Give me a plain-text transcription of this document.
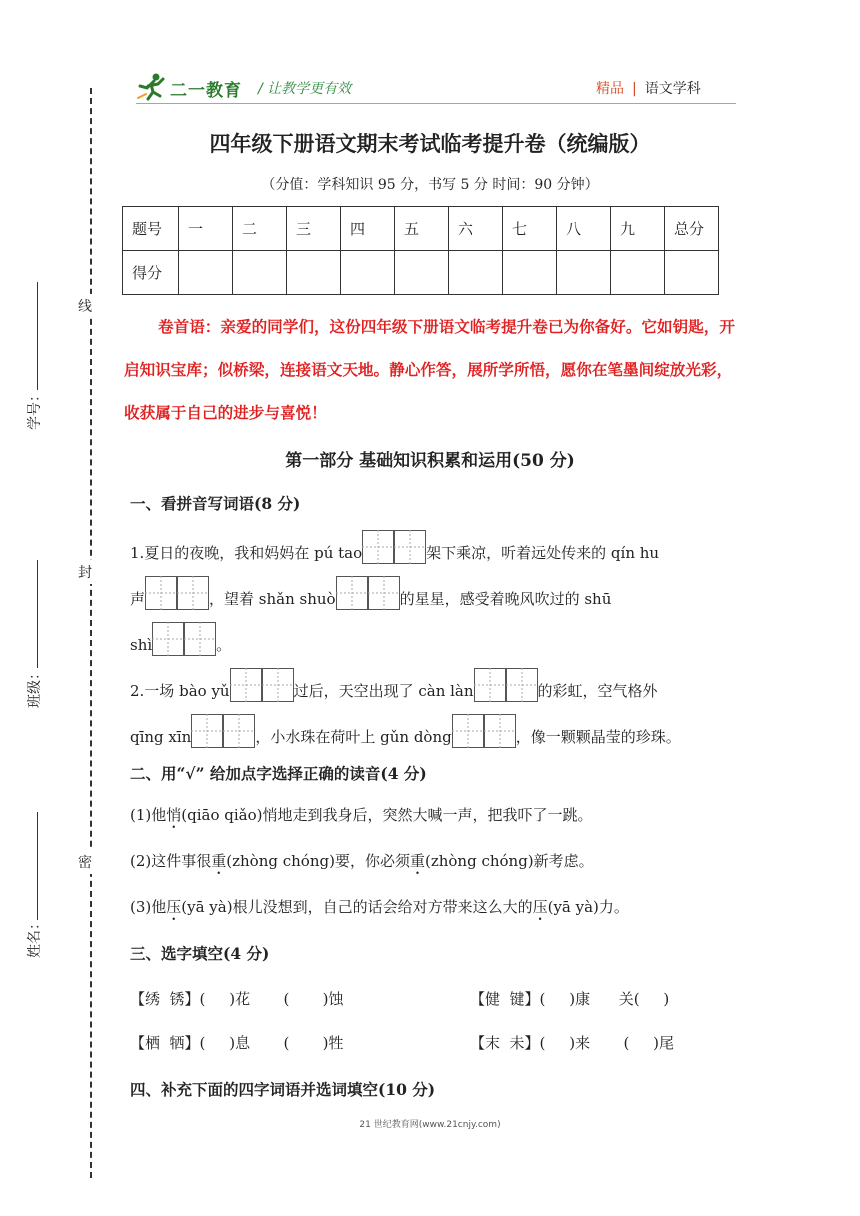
线
封
密
学号：
班级：
姓名：
二一教育 / 让教学更有效	精品 | 语文学科
四年级下册语文期末考试临考提升卷（统编版）
（分值：学科知识 95 分，书写 5 分 时间：90 分钟）
题号	一	二	三	四	五	六	七	八	九	总分
得分										
卷首语：亲爱的同学们，这份四年级下册语文临考提升卷已为你备好。它如钥匙，开启知识宝库；似桥梁，连接语文天地。静心作答，展所学所悟，愿你在笔墨间绽放光彩，收获属于自己的进步与喜悦！
第一部分 基础知识积累和运用(50 分)
一、看拼音写词语(8 分)
1.夏日的夜晚，我和妈妈在 pú tao	架下乘凉，听着远处传来的 qín hu
声	，望着 shǎn shuò	的星星，感受着晚风吹过的 shū
shì	。
2.一场 bào yǔ	过后，天空出现了 càn làn	的彩虹，空气格外
qīng xīn	，小水珠在荷叶上 gǔn dòng	，像一颗颗晶莹的珍珠。
二、用“√” 给加点字选择正确的读音(4 分)
(1)他悄(qiāo qiǎo)悄地走到我身后，突然大喊一声，把我吓了一跳。
(2)这件事很重(zhòng chóng)要，你必须重(zhòng chóng)新考虑。
(3)他压(yā yà)根儿没想到，自己的话会给对方带来这么大的压(yā yà)力。
三、选字填空(4 分)
【绣  锈】(     )花       (       )蚀	【健  键】(     )康      关(     )
【栖  牺】(     )息       (       )牲	【末  未】(     )来       (     )尾
四、补充下面的四字词语并选词填空(10 分)
21 世纪教育网(www.21cnjy.com)
